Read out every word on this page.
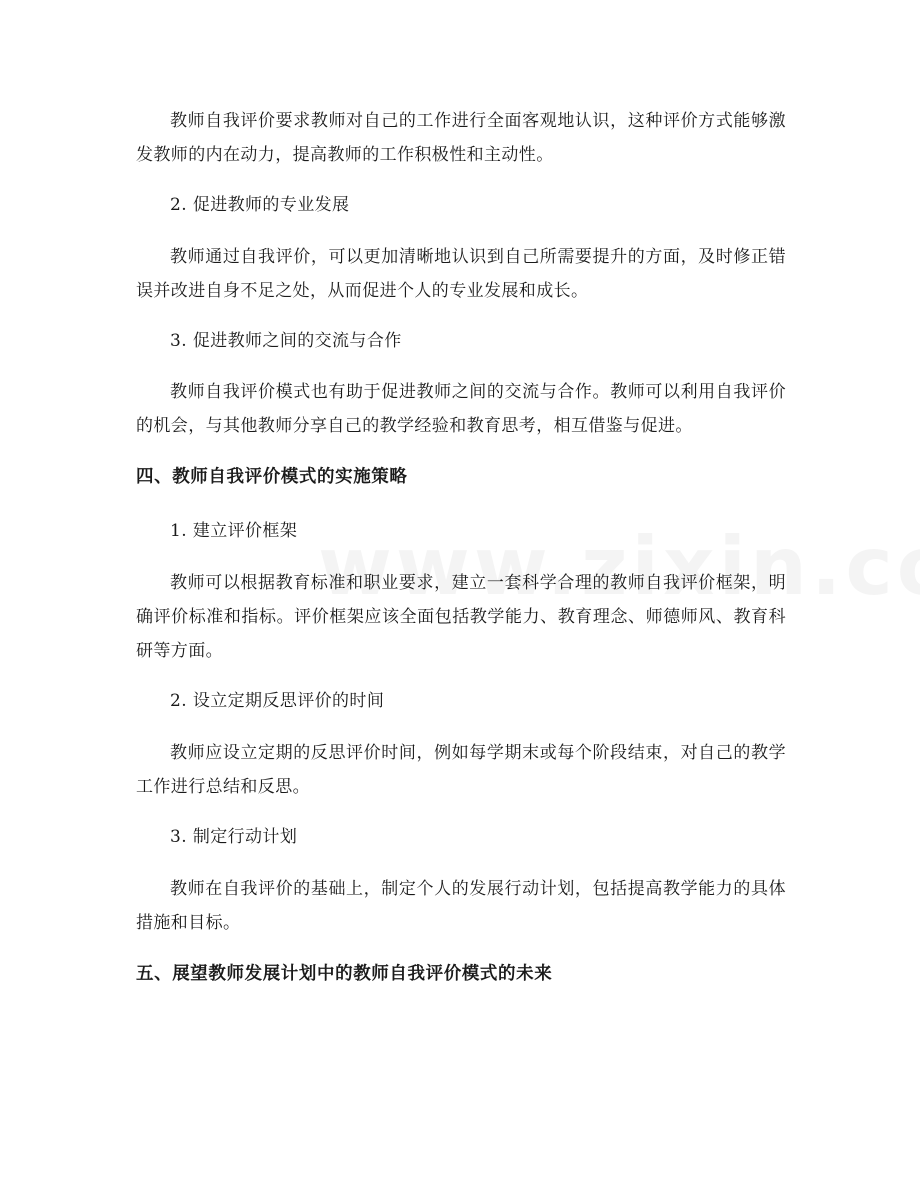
教师自我评价要求教师对自己的工作进行全面客观地认识，这种评价方式能够激发教师的内在动力，提高教师的工作积极性和主动性。
2. 促进教师的专业发展
教师通过自我评价，可以更加清晰地认识到自己所需要提升的方面，及时修正错误并改进自身不足之处，从而促进个人的专业发展和成长。
3. 促进教师之间的交流与合作
教师自我评价模式也有助于促进教师之间的交流与合作。教师可以利用自我评价的机会，与其他教师分享自己的教学经验和教育思考，相互借鉴与促进。
四、教师自我评价模式的实施策略
1. 建立评价框架
教师可以根据教育标准和职业要求，建立一套科学合理的教师自我评价框架，明确评价标准和指标。评价框架应该全面包括教学能力、教育理念、师德师风、教育科研等方面。
2. 设立定期反思评价的时间
教师应设立定期的反思评价时间，例如每学期末或每个阶段结束，对自己的教学工作进行总结和反思。
3. 制定行动计划
教师在自我评价的基础上，制定个人的发展行动计划，包括提高教学能力的具体措施和目标。
五、展望教师发展计划中的教师自我评价模式的未来
